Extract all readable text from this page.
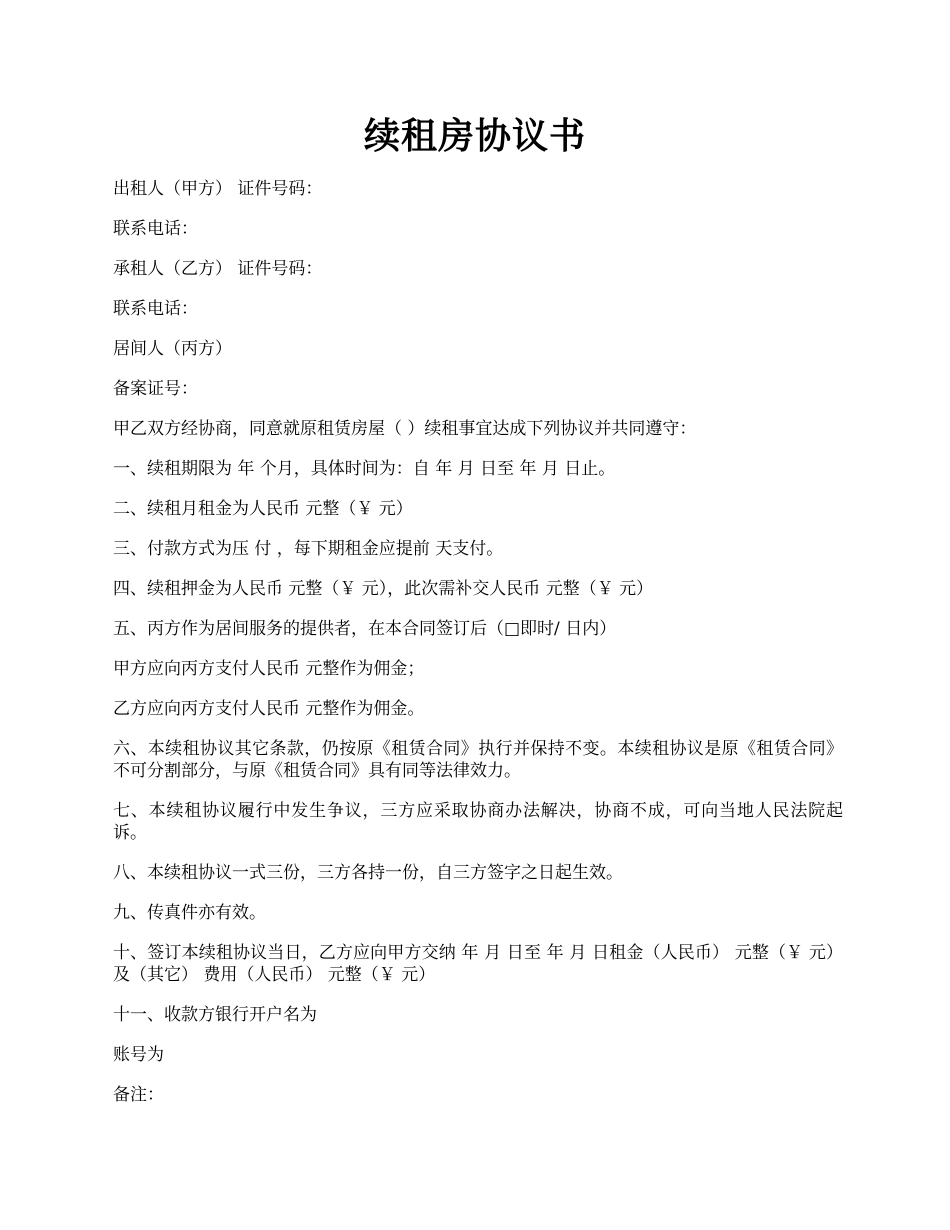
续租房协议书

出租人（甲方） 证件号码：

联系电话：

承租人（乙方） 证件号码：

联系电话：

居间人（丙方）

备案证号：

甲乙双方经协商，同意就原租赁房屋（ ）续租事宜达成下列协议并共同遵守：

一、续租期限为 年 个月，具体时间为：自 年 月 日至 年 月 日止。

二、续租月租金为人民币 元整（￥ 元）

三、付款方式为压 付 ，每下期租金应提前 天支付。

四、续租押金为人民币 元整（￥ 元），此次需补交人民币 元整（￥ 元）

五、丙方作为居间服务的提供者，在本合同签订后（□即时/ 日内）

甲方应向丙方支付人民币 元整作为佣金；

乙方应向丙方支付人民币 元整作为佣金。

六、本续租协议其它条款，仍按原《租赁合同》执行并保持不变。本续租协议是原《租赁合同》不可分割部分，与原《租赁合同》具有同等法律效力。

七、本续租协议履行中发生争议，三方应采取协商办法解决，协商不成，可向当地人民法院起诉。

八、本续租协议一式三份，三方各持一份，自三方签字之日起生效。

九、传真件亦有效。

十、签订本续租协议当日，乙方应向甲方交纳 年 月 日至 年 月 日租金（人民币） 元整（￥ 元）及（其它） 费用（人民币） 元整（￥ 元）

十一、收款方银行开户名为

账号为

备注：
